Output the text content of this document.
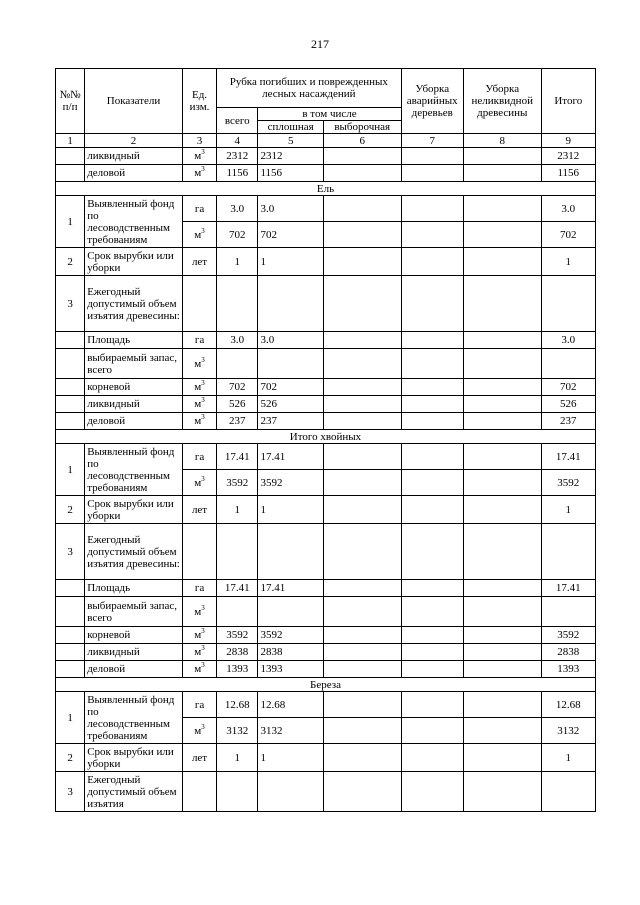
217
№№ п/п	Показатели	Ед. изм.	Рубка погибших и поврежденных лесных насаждений			Уборка аварийных деревьев	Уборка неликвидной древесины	Итого
			всего	в том числе				
				сплошная	выборочная			
1	2	3	4	5	6	7	8	9
	ликвидный	$м^3$	2312	2312				2312
	деловой	$м^3$	1156	1156				1156
Ель								
1	Выявленный фонд по лесоводственным требованиям	га	3.0	3.0				3.0
		$м^3$	702	702				702
2	Срок вырубки или уборки	лет	1	1				1
3	Ежегодный допустимый объем изъятия древесины:							
	Площадь	га	3.0	3.0				3.0
	выбираемый запас, всего	$м^3$						
	корневой	$м^3$	702	702				702
	ликвидный	$м^3$	526	526				526
	деловой	$м^3$	237	237				237
Итого хвойных								
1	Выявленный фонд по лесоводственным требованиям	га	17.41	17.41				17.41
		$м^3$	3592	3592				3592
2	Срок вырубки или уборки	лет	1	1				1
3	Ежегодный допустимый объем изъятия древесины:							
	Площадь	га	17.41	17.41				17.41
	выбираемый запас, всего	$м^3$						
	корневой	$м^3$	3592	3592				3592
	ликвидный	$м^3$	2838	2838				2838
	деловой	$м^3$	1393	1393				1393
Береза								
1	Выявленный фонд по лесоводственным требованиям	га	12.68	12.68				12.68
		$м^3$	3132	3132				3132
2	Срок вырубки или уборки	лет	1	1				1
3	Ежегодный допустимый объем изъятия							
